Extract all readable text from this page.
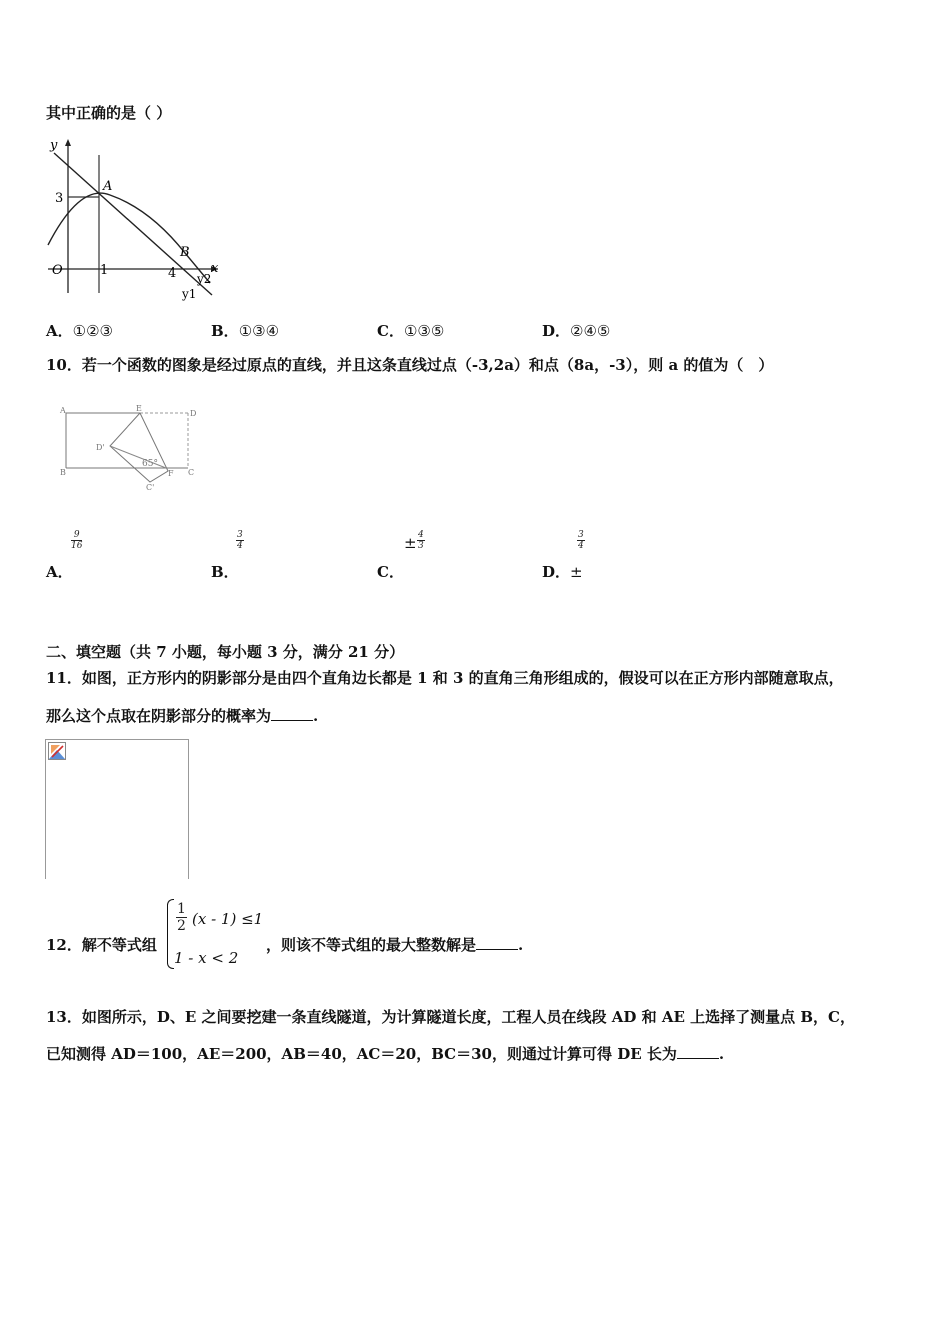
其中正确的是（ ）
y
x
O
3
1	4
A
B
y2
y1
A．①②③	B．①③④	C．①③⑤	D．②④⑤
10．若一个函数的图象是经过原点的直线，并且这条直线过点（-3,2a）和点（8a，-3），则 a 的值为（　）
A	E
D
D'
65°
B	C
F
C'
A．
$\frac{9}{16}$
B．
$\frac{3}{4}$
C．
± $\frac{4}{3}$
D．±
$\frac{3}{4}$
二、填空题（共 7 小题，每小题 3 分，满分 21 分）
11．如图，正方形内的阴影部分是由四个直角边长都是 1 和 3 的直角三角形组成的，假设可以在正方形内部随意取点，
那么这个点取在阴影部分的概率为	.
12．解不等式组
$\frac{1}{2} (x - 1) \le 1$
1 - x < 2
，则该不等式组的最大整数解是	.
13．如图所示，D、E 之间要挖建一条直线隧道，为计算隧道长度，工程人员在线段 AD 和 AE 上选择了测量点 B，C，
已知测得 AD＝100，AE＝200，AB＝40，AC＝20，BC＝30，则通过计算可得 DE 长为	.
